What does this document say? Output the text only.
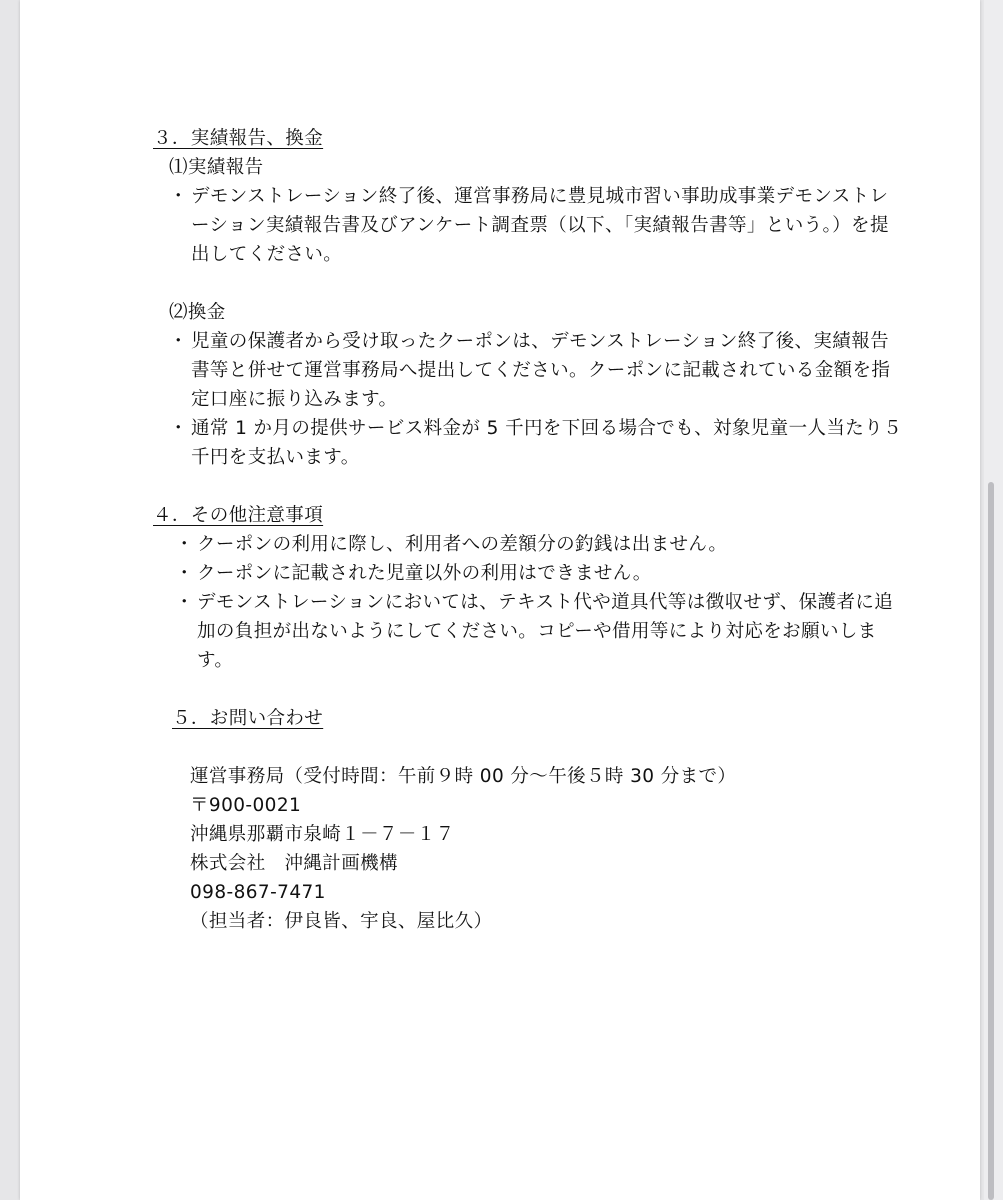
３．実績報告、換金

⑴実績報告

・ デモンストレーション終了後、運営事務局に豊見城市習い事助成事業デモンストレーション実績報告書及びアンケート調査票（以下、「実績報告書等」という。）を提出してください。

⑵換金

・ 児童の保護者から受け取ったクーポンは、デモンストレーション終了後、実績報告書等と併せて運営事務局へ提出してください。クーポンに記載されている金額を指定口座に振り込みます。
・ 通常 1 か月の提供サービス料金が 5 千円を下回る場合でも、対象児童一人当たり５千円を支払います。

４．その他注意事項

・ クーポンの利用に際し、利用者への差額分の釣銭は出ません。
・ クーポンに記載された児童以外の利用はできません。
・ デモンストレーションにおいては、テキスト代や道具代等は徴収せず、保護者に追加の負担が出ないようにしてください。コピーや借用等により対応をお願いします。

５．お問い合わせ

運営事務局（受付時間：午前９時 00 分～午後５時 30 分まで）

〒900-0021

沖縄県那覇市泉崎１－７－１７

株式会社　沖縄計画機構

098-867-7471

（担当者：伊良皆、宇良、屋比久）
